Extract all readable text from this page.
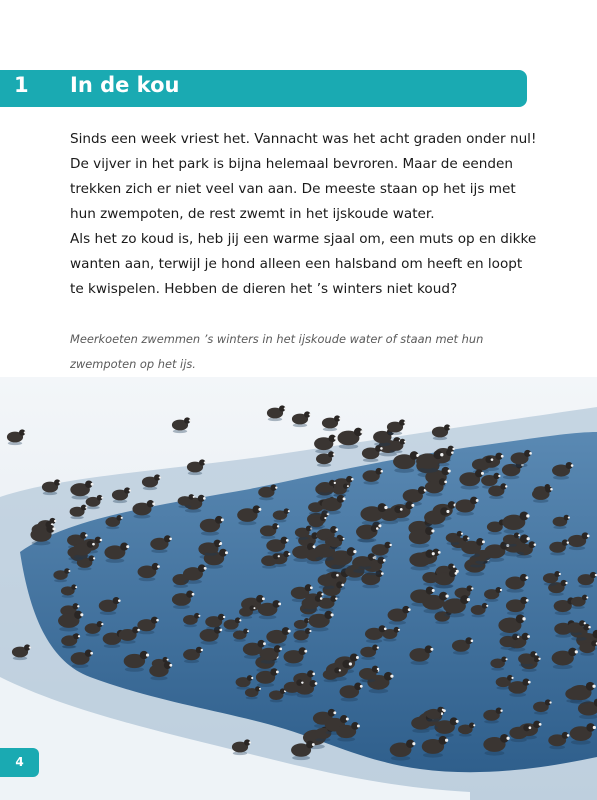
1 In de kou
Sinds een week vriest het. Vannacht was het acht graden onder nul! De vijver in het park is bijna helemaal bevroren. Maar de eenden trekken zich er niet veel van aan. De meeste staan op het ijs met hun zwempoten, de rest zwemt in het ijskoude water.
Als het zo koud is, heb jij een warme sjaal om, een muts op en dikke wanten aan, terwijl je hond alleen een halsband om heeft en loopt te kwispelen. Hebben de dieren het ’s winters niet koud?

Meerkoeten zwemmen ’s winters in het ijskoude water of staan met hun zwempoten op het ijs.

4
